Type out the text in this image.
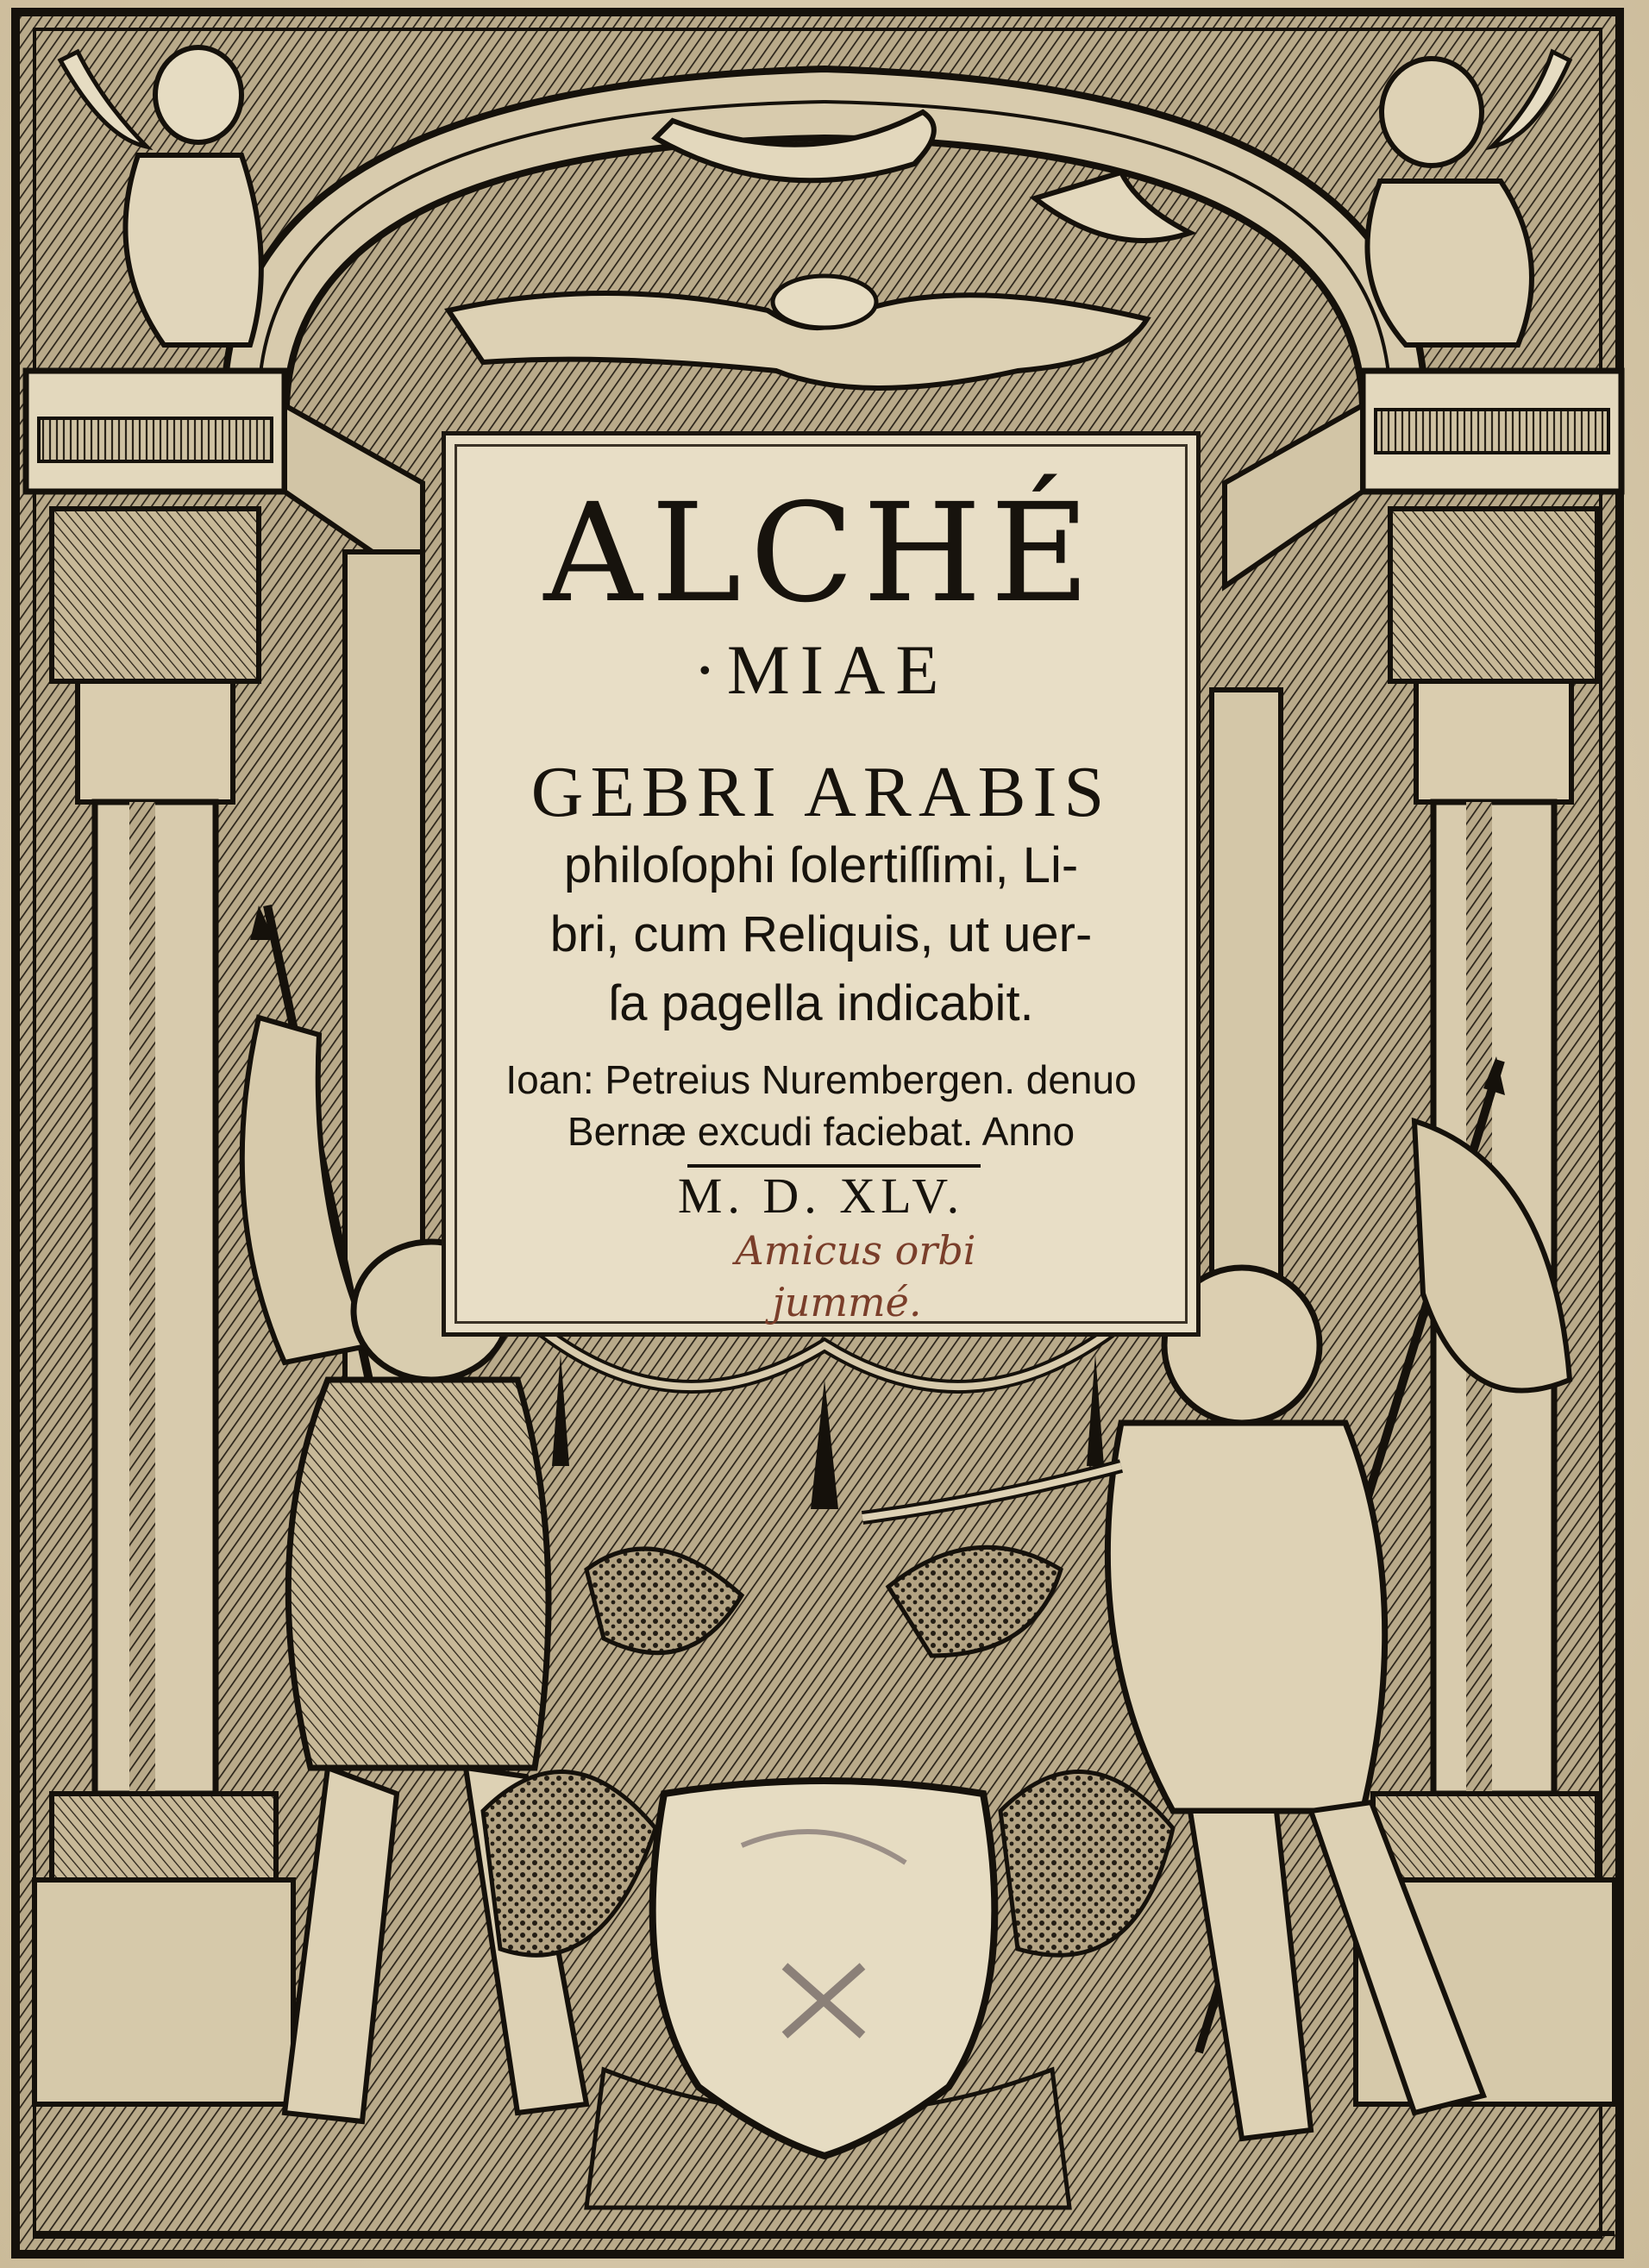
ALCHÉ
·MIAE
GEBRI ARABIS
philoſophi ſolertiſſimi, Li-
bri, cum Reliquis, ut uer-
ſa pagella indicabit.
Ioan: Petreius Nurembergen. denuo
Bernæ excudi faciebat. Anno
M. D. XLV.
Amicus orbi
jummé.
